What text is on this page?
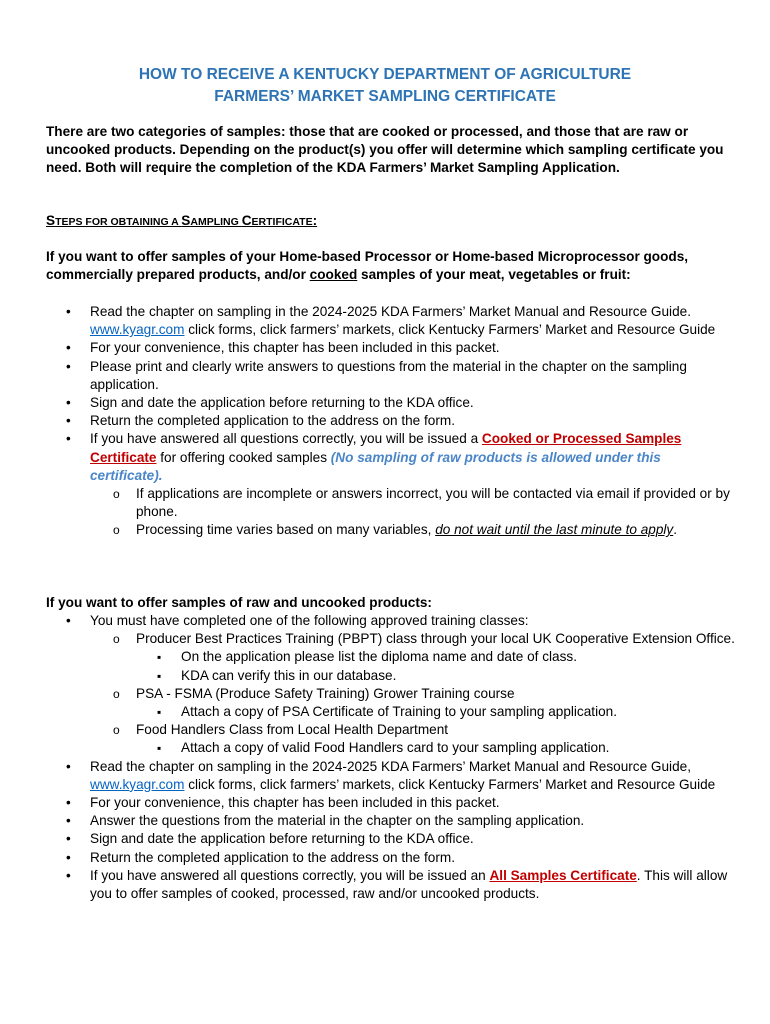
HOW TO RECEIVE A KENTUCKY DEPARTMENT OF AGRICULTURE
FARMERS’ MARKET SAMPLING CERTIFICATE
There are two categories of samples: those that are cooked or processed, and those that are raw or uncooked products. Depending on the product(s) you offer will determine which sampling certificate you need. Both will require the completion of the KDA Farmers’ Market Sampling Application.
STEPS FOR OBTAINING A SAMPLING CERTIFICATE:
If you want to offer samples of your Home-based Processor or Home-based Microprocessor goods, commercially prepared products, and/or cooked samples of your meat, vegetables or fruit:
• Read the chapter on sampling in the 2024-2025 KDA Farmers’ Market Manual and Resource Guide. www.kyagr.com click forms, click farmers’ markets, click Kentucky Farmers’ Market and Resource Guide
• For your convenience, this chapter has been included in this packet.
• Please print and clearly write answers to questions from the material in the chapter on the sampling application.
• Sign and date the application before returning to the KDA office.
• Return the completed application to the address on the form.
• If you have answered all questions correctly, you will be issued a Cooked or Processed Samples Certificate for offering cooked samples (No sampling of raw products is allowed under this certificate).
o If applications are incomplete or answers incorrect, you will be contacted via email if provided or by phone.
o Processing time varies based on many variables, do not wait until the last minute to apply.
If you want to offer samples of raw and uncooked products:
• You must have completed one of the following approved training classes:
o Producer Best Practices Training (PBPT) class through your local UK Cooperative Extension Office.
▪ On the application please list the diploma name and date of class.
▪ KDA can verify this in our database.
o PSA - FSMA (Produce Safety Training) Grower Training course
▪ Attach a copy of PSA Certificate of Training to your sampling application.
o Food Handlers Class from Local Health Department
▪ Attach a copy of valid Food Handlers card to your sampling application.
• Read the chapter on sampling in the 2024-2025 KDA Farmers’ Market Manual and Resource Guide, www.kyagr.com click forms, click farmers’ markets, click Kentucky Farmers’ Market and Resource Guide
• For your convenience, this chapter has been included in this packet.
• Answer the questions from the material in the chapter on the sampling application.
• Sign and date the application before returning to the KDA office.
• Return the completed application to the address on the form.
• If you have answered all questions correctly, you will be issued an All Samples Certificate. This will allow you to offer samples of cooked, processed, raw and/or uncooked products.
